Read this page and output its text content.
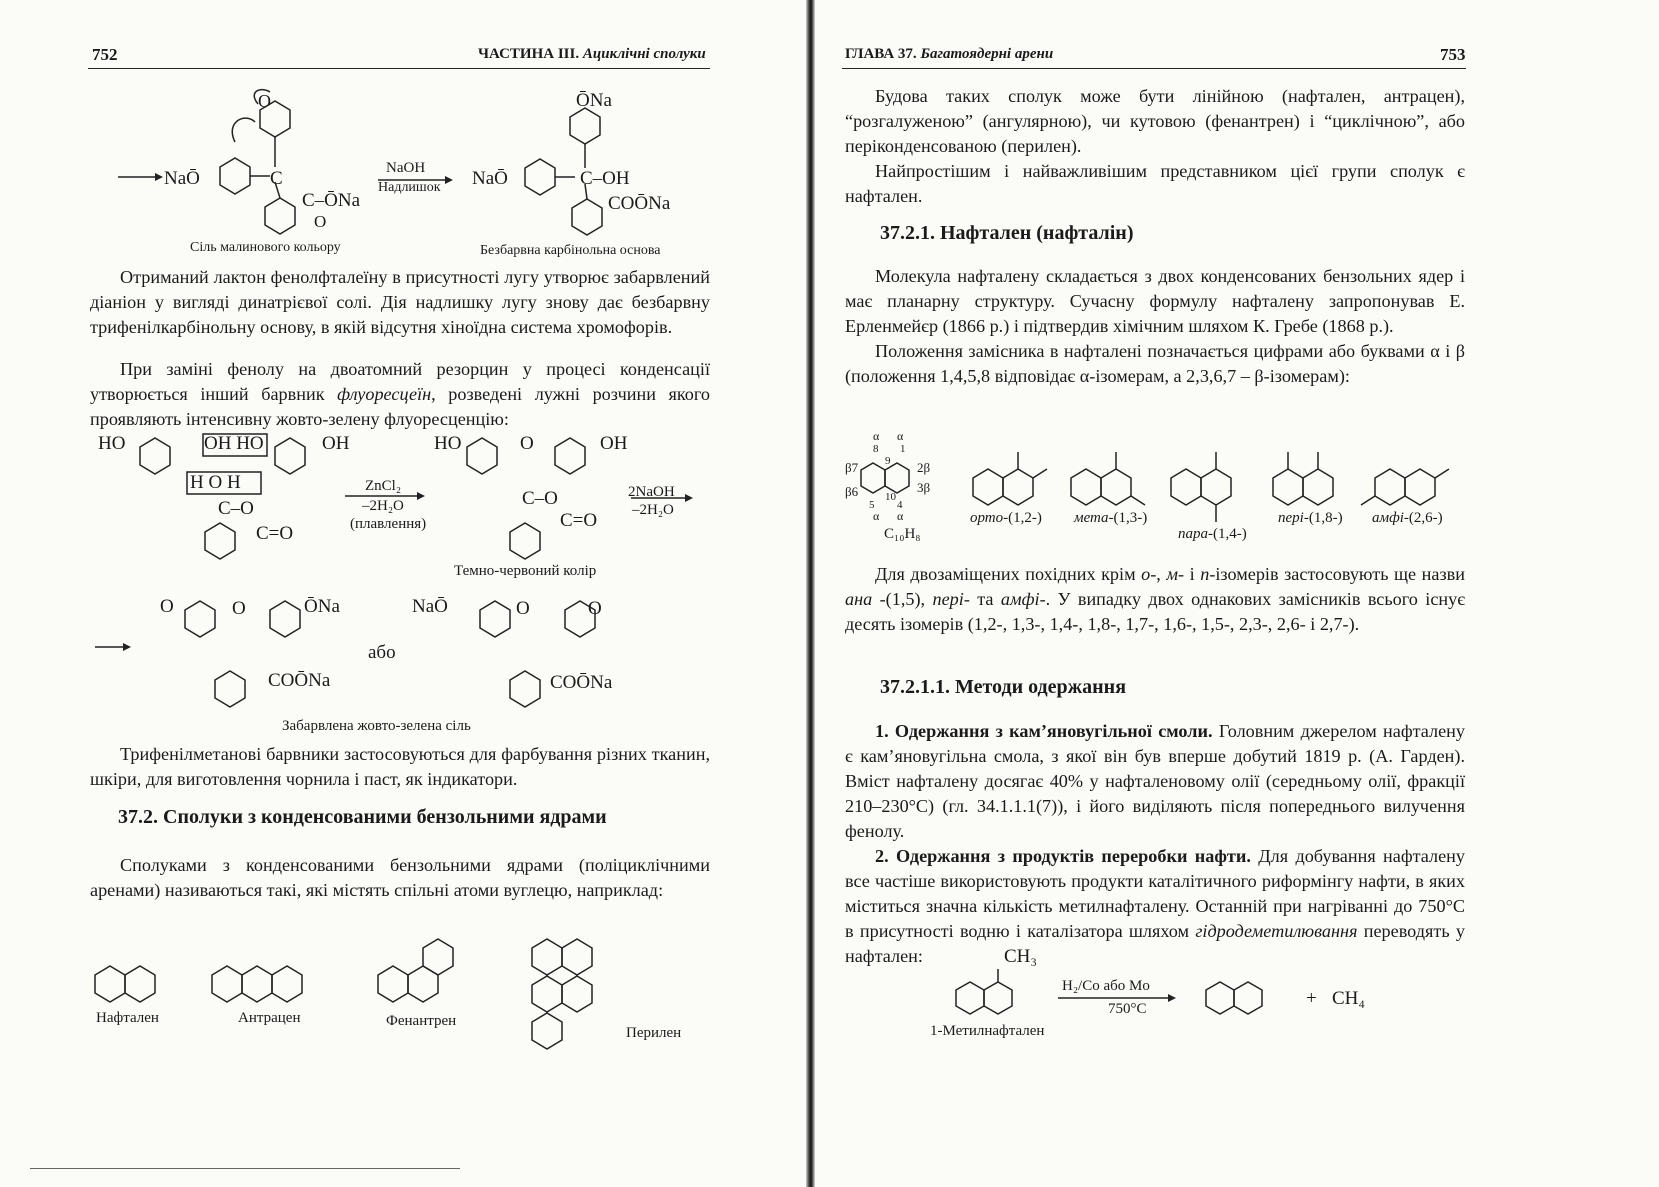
752	ЧАСТИНА ІІІ. Ациклічні сполуки
O
NaŌ	C
C–ŌNa
O
NaOH
Надлишок NaŌ
ŌNa
C–OH
COŌNa
Сіль малинового кольору	Безбарвна карбінольна основа

Отриманий лактон фенолфталеїну в присутності лугу утворює забарвлений діаніон у вигляді динатрієвої солі. Дія надлишку лугу знову дає безбарвну трифенілкарбінольну основу, в якій відсутня хіноїдна система хромофорів.

При заміні фенолу на двоатомний резорцин у процесі конденсації утворюється інший барвник флуоресцеїн, розведені лужні розчини якого проявляють інтенсивну жовто-зелену флуоресценцію:

HO	OH HO	OH
H O H
C–O
C=O
ZnCl₂
–2H₂O
(плавлення)
HO	O	OH
C–O
C=O
2NaOH
–2H₂O
Темно-червоний колір
O	O	ŌNa
COŌNa
або
NaŌ	O	O
COŌNa
Забарвлена жовто-зелена сіль

Трифенілметанові барвники застосовуються для фарбування різних тканин, шкіри, для виготовлення чорнила і паст, як індикатори.

37.2. Сполуки з конденсованими бензольними ядрами

Сполуками з конденсованими бензольними ядрами (поліциклічними аренами) називаються такі, які містять спільні атоми вуглецю, наприклад:

Нафтален	Антрацен	Фенантрен
Перилен
ГЛАВА 37. Багатоядерні арени	753

Будова таких сполук може бути лінійною (нафтален, антрацен), “розгалуженою” (ангулярною), чи кутовою (фенантрен) і “циклічною”, або періконденсованою (перилен).

Найпростішим і найважливішим представником цієї групи сполук є нафтален.

37.2.1. Нафтален (нафталін)

Молекула нафталену складається з двох конденсованих бензольних ядер і має планарну структуру. Сучасну формулу нафталену запропонував Е. Ерленмейєр (1866 р.) і підтвердив хімічним шляхом К. Гребе (1868 р.).

Положення замісника в нафталені позначається цифрами або буквами α і β (положення 1,4,5,8 відповідає α-ізомерам, а 2,3,6,7 – β-ізомерам):

α α
8 1
9
β7	2β
β6	3β
5 4
10
α α
C₁₀H₈
орто-(1,2-) мета-(1,3-)
пара-(1,4-)
пері-(1,8-) амфі-(2,6-)

Для двозаміщених похідних крім о-, м- і п-ізомерів застосовують ще назви ана -(1,5), пері- та амфі-. У випадку двох однакових замісників всього існує десять ізомерів (1,2-, 1,3-, 1,4-, 1,8-, 1,7-, 1,6-, 1,5-, 2,3-, 2,6- і 2,7-).

37.2.1.1. Методи одержання

1. Одержання з кам’яновугільної смоли. Головним джерелом нафталену є кам’яновугільна смола, з якої він був вперше добутий 1819 р. (А. Гарден). Вміст нафталену досягає 40% у нафталеновому олії (середньому олії, фракції 210–230°С) (гл. 34.1.1.1(7)), і його виділяють після попереднього вилучення фенолу.

2. Одержання з продуктів переробки нафти. Для добування нафталену все частіше використовують продукти каталітичного риформінгу нафти, в яких міститься значна кількість метилнафталену. Останній при нагріванні до 750°С в присутності водню і каталізатора шляхом гідродеметилювання переводять у нафтален:	CH₃
H₂/Co або Mo
750°C	+ CH₄
1-Метилнафтален
